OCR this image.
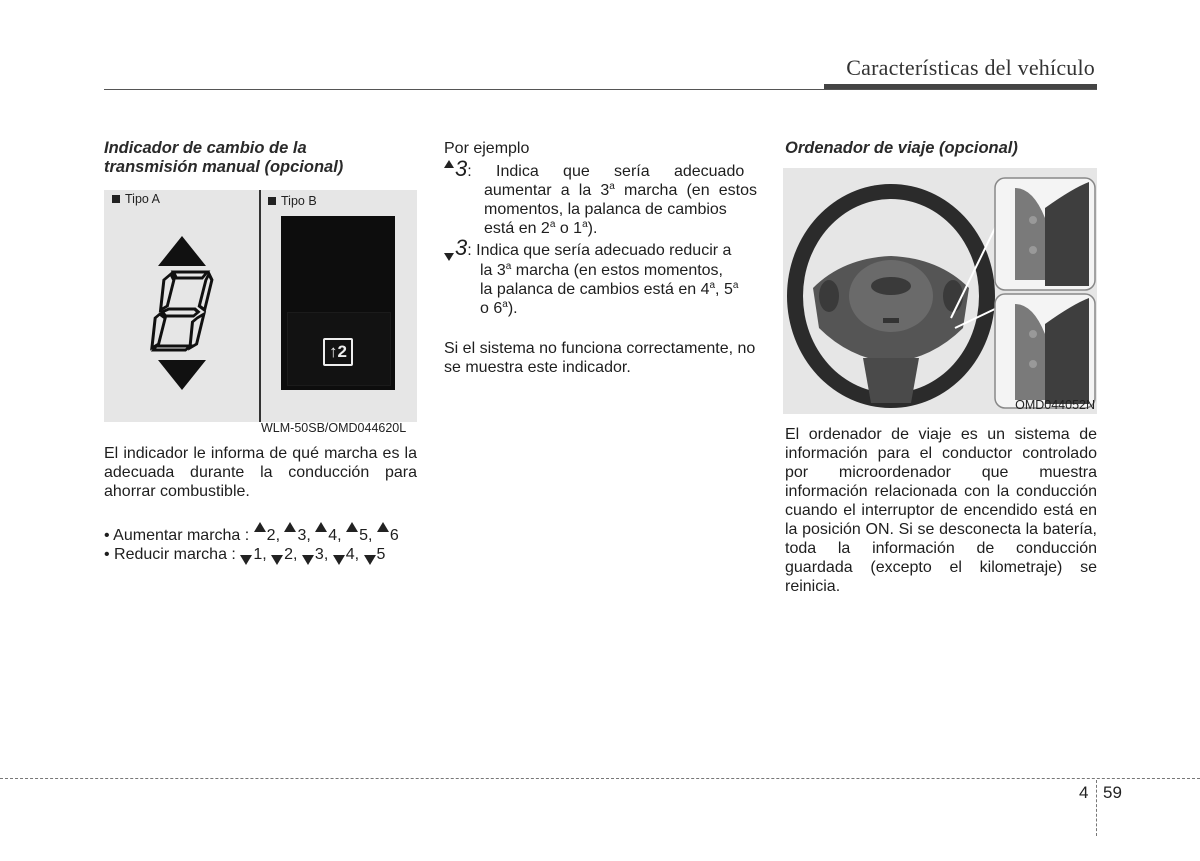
Características del vehículo
Indicador de cambio de la
transmisión manual (opcional)
Tipo A	Tipo B
↑2
WLM-50SB/OMD044620L
El indicador le informa de qué marcha es la adecuada durante la conducción para ahorrar combustible.
• Aumentar marcha : 2, 3, 4, 5, 6
• Reducir marcha : 1, 2, 3, 4, 5
Por ejemplo
3: Indica que sería adecuado
aumentar a la 3$^a$ marcha (en estos
momentos, la palanca de cambios
está en 2$^a$ o 1$^a$).
3: Indica que sería adecuado reducir a
la 3$^a$ marcha (en estos momentos,
la palanca de cambios está en 4$^a$, 5$^a$
o 6$^a$).
Si el sistema no funciona correctamente, no se muestra este indicador.
Ordenador de viaje (opcional)
OMD044052N
El ordenador de viaje es un sistema de información para el conductor controlado por microordenador que muestra información relacionada con la conducción cuando el interruptor de encendido está en la posición ON. Si se desconecta la batería, toda la información de conducción guardada (excepto el kilometraje) se reinicia.
4 59
